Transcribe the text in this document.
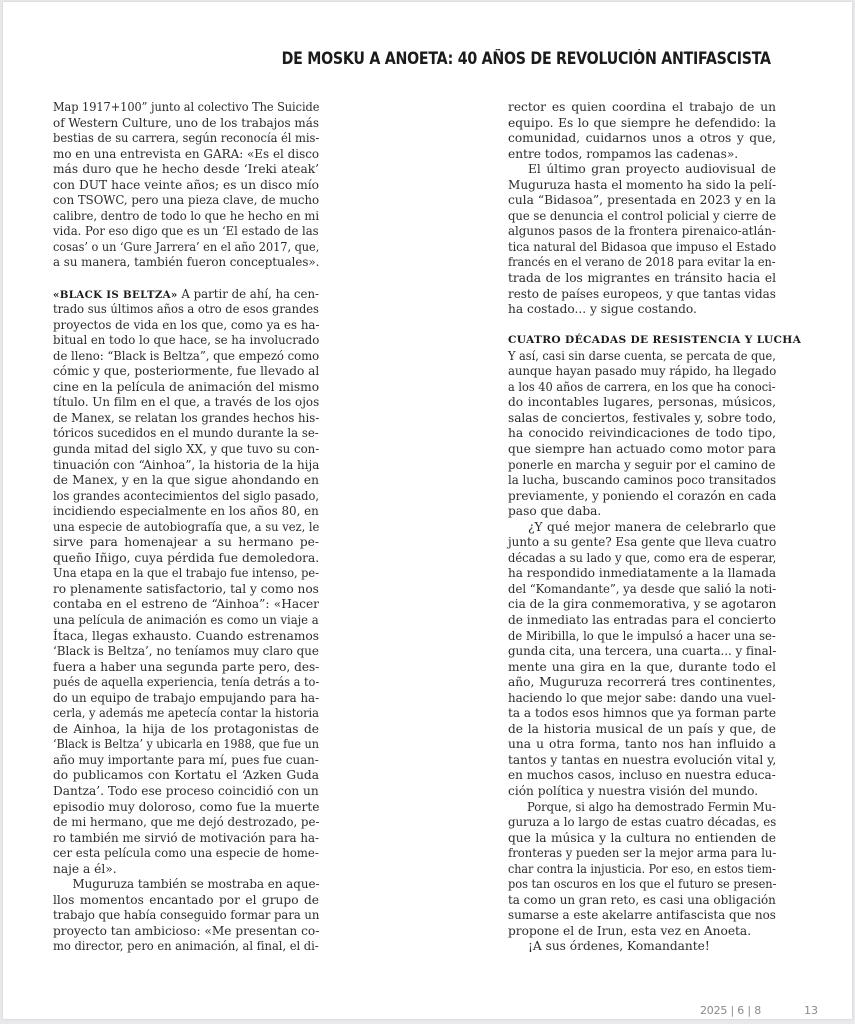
DE MOSKU A ANOETA: 40 AÑOS DE REVOLUCIÓN ANTIFASCISTA
Map 1917+100” junto al colectivo The Suicide
of Western Culture, uno de los trabajos más
bestias de su carrera, según reconocía él mis-
mo en una entrevista en GARA: «Es el disco
más duro que he hecho desde ‘Ireki ateak’
con DUT hace veinte años; es un disco mío
con TSOWC, pero una pieza clave, de mucho
calibre, dentro de todo lo que he hecho en mi
vida. Por eso digo que es un ‘El estado de las
cosas’ o un ‘Gure Jarrera’ en el año 2017, que,
a su manera, también fueron conceptuales».
«BLACK IS BELTZA» A partir de ahí, ha cen-
trado sus últimos años a otro de esos grandes
proyectos de vida en los que, como ya es ha-
bitual en todo lo que hace, se ha involucrado
de lleno: “Black is Beltza”, que empezó como
cómic y que, posteriormente, fue llevado al
cine en la película de animación del mismo
título. Un film en el que, a través de los ojos
de Manex, se relatan los grandes hechos his-
tóricos sucedidos en el mundo durante la se-
gunda mitad del siglo XX, y que tuvo su con-
tinuación con “Ainhoa”, la historia de la hija
de Manex, y en la que sigue ahondando en
los grandes acontecimientos del siglo pasado,
incidiendo especialmente en los años 80, en
una especie de autobiografía que, a su vez, le
sirve para homenajear a su hermano pe-
queño Iñigo, cuya pérdida fue demoledora.
Una etapa en la que el trabajo fue intenso, pe-
ro plenamente satisfactorio, tal y como nos
contaba en el estreno de “Ainhoa”: «Hacer
una película de animación es como un viaje a
Ítaca, llegas exhausto. Cuando estrenamos
‘Black is Beltza’, no teníamos muy claro que
fuera a haber una segunda parte pero, des-
pués de aquella experiencia, tenía detrás a to-
do un equipo de trabajo empujando para ha-
cerla, y además me apetecía contar la historia
de Ainhoa, la hija de los protagonistas de
‘Black is Beltza’ y ubicarla en 1988, que fue un
año muy importante para mí, pues fue cuan-
do publicamos con Kortatu el ‘Azken Guda
Dantza’. Todo ese proceso coincidió con un
episodio muy doloroso, como fue la muerte
de mi hermano, que me dejó destrozado, pe-
ro también me sirvió de motivación para ha-
cer esta película como una especie de home-
naje a él».
Muguruza también se mostraba en aque-
llos momentos encantado por el grupo de
trabajo que había conseguido formar para un
proyecto tan ambicioso: «Me presentan co-
mo director, pero en animación, al final, el di-
rector es quien coordina el trabajo de un
equipo. Es lo que siempre he defendido: la
comunidad, cuidarnos unos a otros y que,
entre todos, rompamos las cadenas».
El último gran proyecto audiovisual de
Muguruza hasta el momento ha sido la pelí-
cula “Bidasoa”, presentada en 2023 y en la
que se denuncia el control policial y cierre de
algunos pasos de la frontera pirenaico-atlán-
tica natural del Bidasoa que impuso el Estado
francés en el verano de 2018 para evitar la en-
trada de los migrantes en tránsito hacia el
resto de países europeos, y que tantas vidas
ha costado... y sigue costando.
CUATRO DÉCADAS DE RESISTENCIA Y LUCHA
Y así, casi sin darse cuenta, se percata de que,
aunque hayan pasado muy rápido, ha llegado
a los 40 años de carrera, en los que ha conoci-
do incontables lugares, personas, músicos,
salas de conciertos, festivales y, sobre todo,
ha conocido reivindicaciones de todo tipo,
que siempre han actuado como motor para
ponerle en marcha y seguir por el camino de
la lucha, buscando caminos poco transitados
previamente, y poniendo el corazón en cada
paso que daba.
¿Y qué mejor manera de celebrarlo que
junto a su gente? Esa gente que lleva cuatro
décadas a su lado y que, como era de esperar,
ha respondido inmediatamente a la llamada
del “Komandante”, ya desde que salió la noti-
cia de la gira conmemorativa, y se agotaron
de inmediato las entradas para el concierto
de Miribilla, lo que le impulsó a hacer una se-
gunda cita, una tercera, una cuarta... y final-
mente una gira en la que, durante todo el
año, Muguruza recorrerá tres continentes,
haciendo lo que mejor sabe: dando una vuel-
ta a todos esos himnos que ya forman parte
de la historia musical de un país y que, de
una u otra forma, tanto nos han influido a
tantos y tantas en nuestra evolución vital y,
en muchos casos, incluso en nuestra educa-
ción política y nuestra visión del mundo.
Porque, si algo ha demostrado Fermin Mu-
guruza a lo largo de estas cuatro décadas, es
que la música y la cultura no entienden de
fronteras y pueden ser la mejor arma para lu-
char contra la injusticia. Por eso, en estos tiem-
pos tan oscuros en los que el futuro se presen-
ta como un gran reto, es casi una obligación
sumarse a este akelarre antifascista que nos
propone el de Irun, esta vez en Anoeta.
¡A sus órdenes, Komandante!
2025 | 6 | 8	13
